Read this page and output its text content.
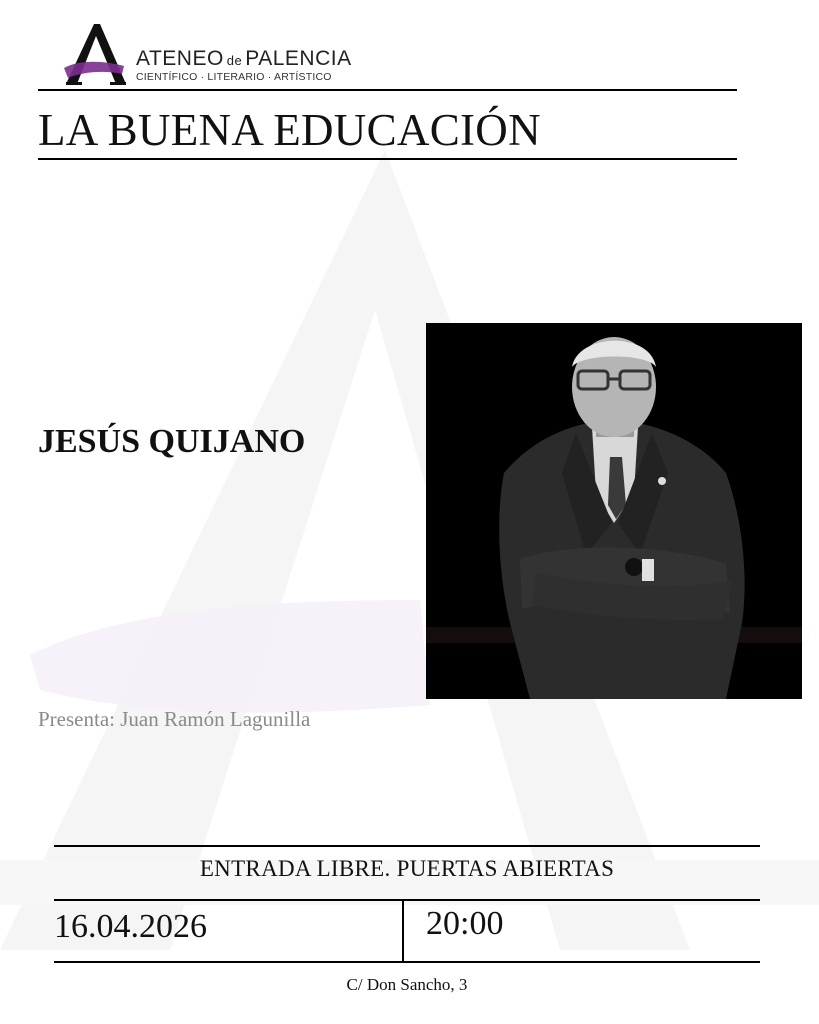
ATENEO de PALENCIA
CIENTÍFICO · LITERARIO · ARTÍSTICO
LA BUENA EDUCACIÓN
JESÚS QUIJANO
Presenta: Juan Ramón Lagunilla
ENTRADA LIBRE. PUERTAS ABIERTAS
16.04.2026	20:00
C/ Don Sancho, 3
